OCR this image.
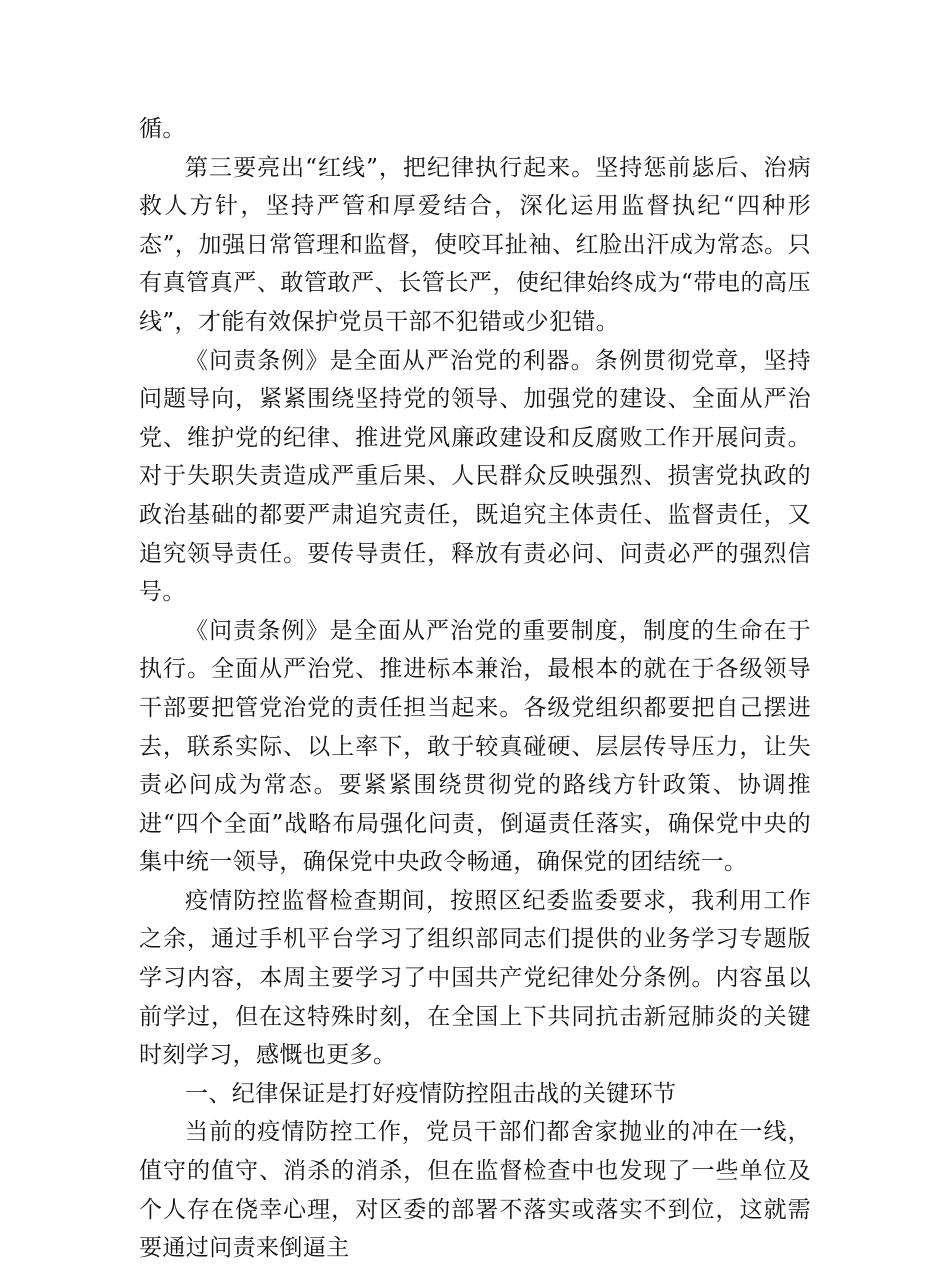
循。

第三要亮出“红线”，把纪律执行起来。坚持惩前毖后、治病救人方针，坚持严管和厚爱结合，深化运用监督执纪“四种形态”，加强日常管理和监督，使咬耳扯袖、红脸出汗成为常态。只有真管真严、敢管敢严、长管长严，使纪律始终成为“带电的高压线”，才能有效保护党员干部不犯错或少犯错。

《问责条例》是全面从严治党的利器。条例贯彻党章，坚持问题导向，紧紧围绕坚持党的领导、加强党的建设、全面从严治党、维护党的纪律、推进党风廉政建设和反腐败工作开展问责。对于失职失责造成严重后果、人民群众反映强烈、损害党执政的政治基础的都要严肃追究责任，既追究主体责任、监督责任，又追究领导责任。要传导责任，释放有责必问、问责必严的强烈信号。

《问责条例》是全面从严治党的重要制度，制度的生命在于执行。全面从严治党、推进标本兼治，最根本的就在于各级领导干部要把管党治党的责任担当起来。各级党组织都要把自己摆进去，联系实际、以上率下，敢于较真碰硬、层层传导压力，让失责必问成为常态。要紧紧围绕贯彻党的路线方针政策、协调推进“四个全面”战略布局强化问责，倒逼责任落实，确保党中央的集中统一领导，确保党中央政令畅通，确保党的团结统一。

疫情防控监督检查期间，按照区纪委监委要求，我利用工作之余，通过手机平台学习了组织部同志们提供的业务学习专题版学习内容，本周主要学习了中国共产党纪律处分条例。内容虽以前学过，但在这特殊时刻，在全国上下共同抗击新冠肺炎的关键时刻学习，感慨也更多。

一、纪律保证是打好疫情防控阻击战的关键环节

当前的疫情防控工作，党员干部们都舍家抛业的冲在一线，值守的值守、消杀的消杀，但在监督检查中也发现了一些单位及个人存在侥幸心理，对区委的部署不落实或落实不到位，这就需要通过问责来倒逼主
